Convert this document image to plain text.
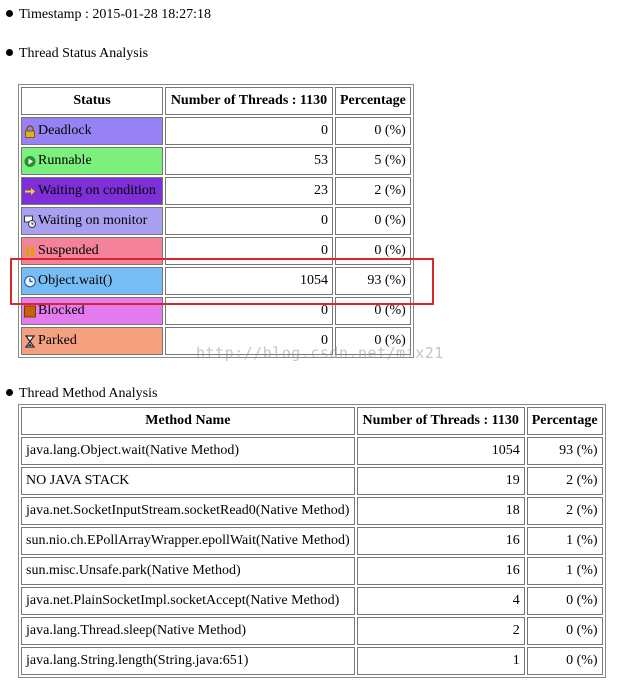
Timestamp : 2015-01-28 18:27:18
Thread Status Analysis
Status	Number of Threads : 1130	Percentage

Deadlock	0	0 (%)

Runnable	53	5 (%)

Waiting on condition	23	2 (%)

Waiting on monitor	0	0 (%)

Suspended	0	0 (%)

Object.wait()	1054	93 (%)

Blocked	0	0 (%)

Parked	0	0 (%)
http://blog.csdn.net/mix21
Thread Method Analysis
Method Name	Number of Threads : 1130	Percentage
java.lang.Object.wait(Native Method)	1054	93 (%)
NO JAVA STACK	19	2 (%)
java.net.SocketInputStream.socketRead0(Native Method)	18	2 (%)
sun.nio.ch.EPollArrayWrapper.epollWait(Native Method)	16	1 (%)
sun.misc.Unsafe.park(Native Method)	16	1 (%)
java.net.PlainSocketImpl.socketAccept(Native Method)	4	0 (%)
java.lang.Thread.sleep(Native Method)	2	0 (%)
java.lang.String.length(String.java:651)	1	0 (%)
